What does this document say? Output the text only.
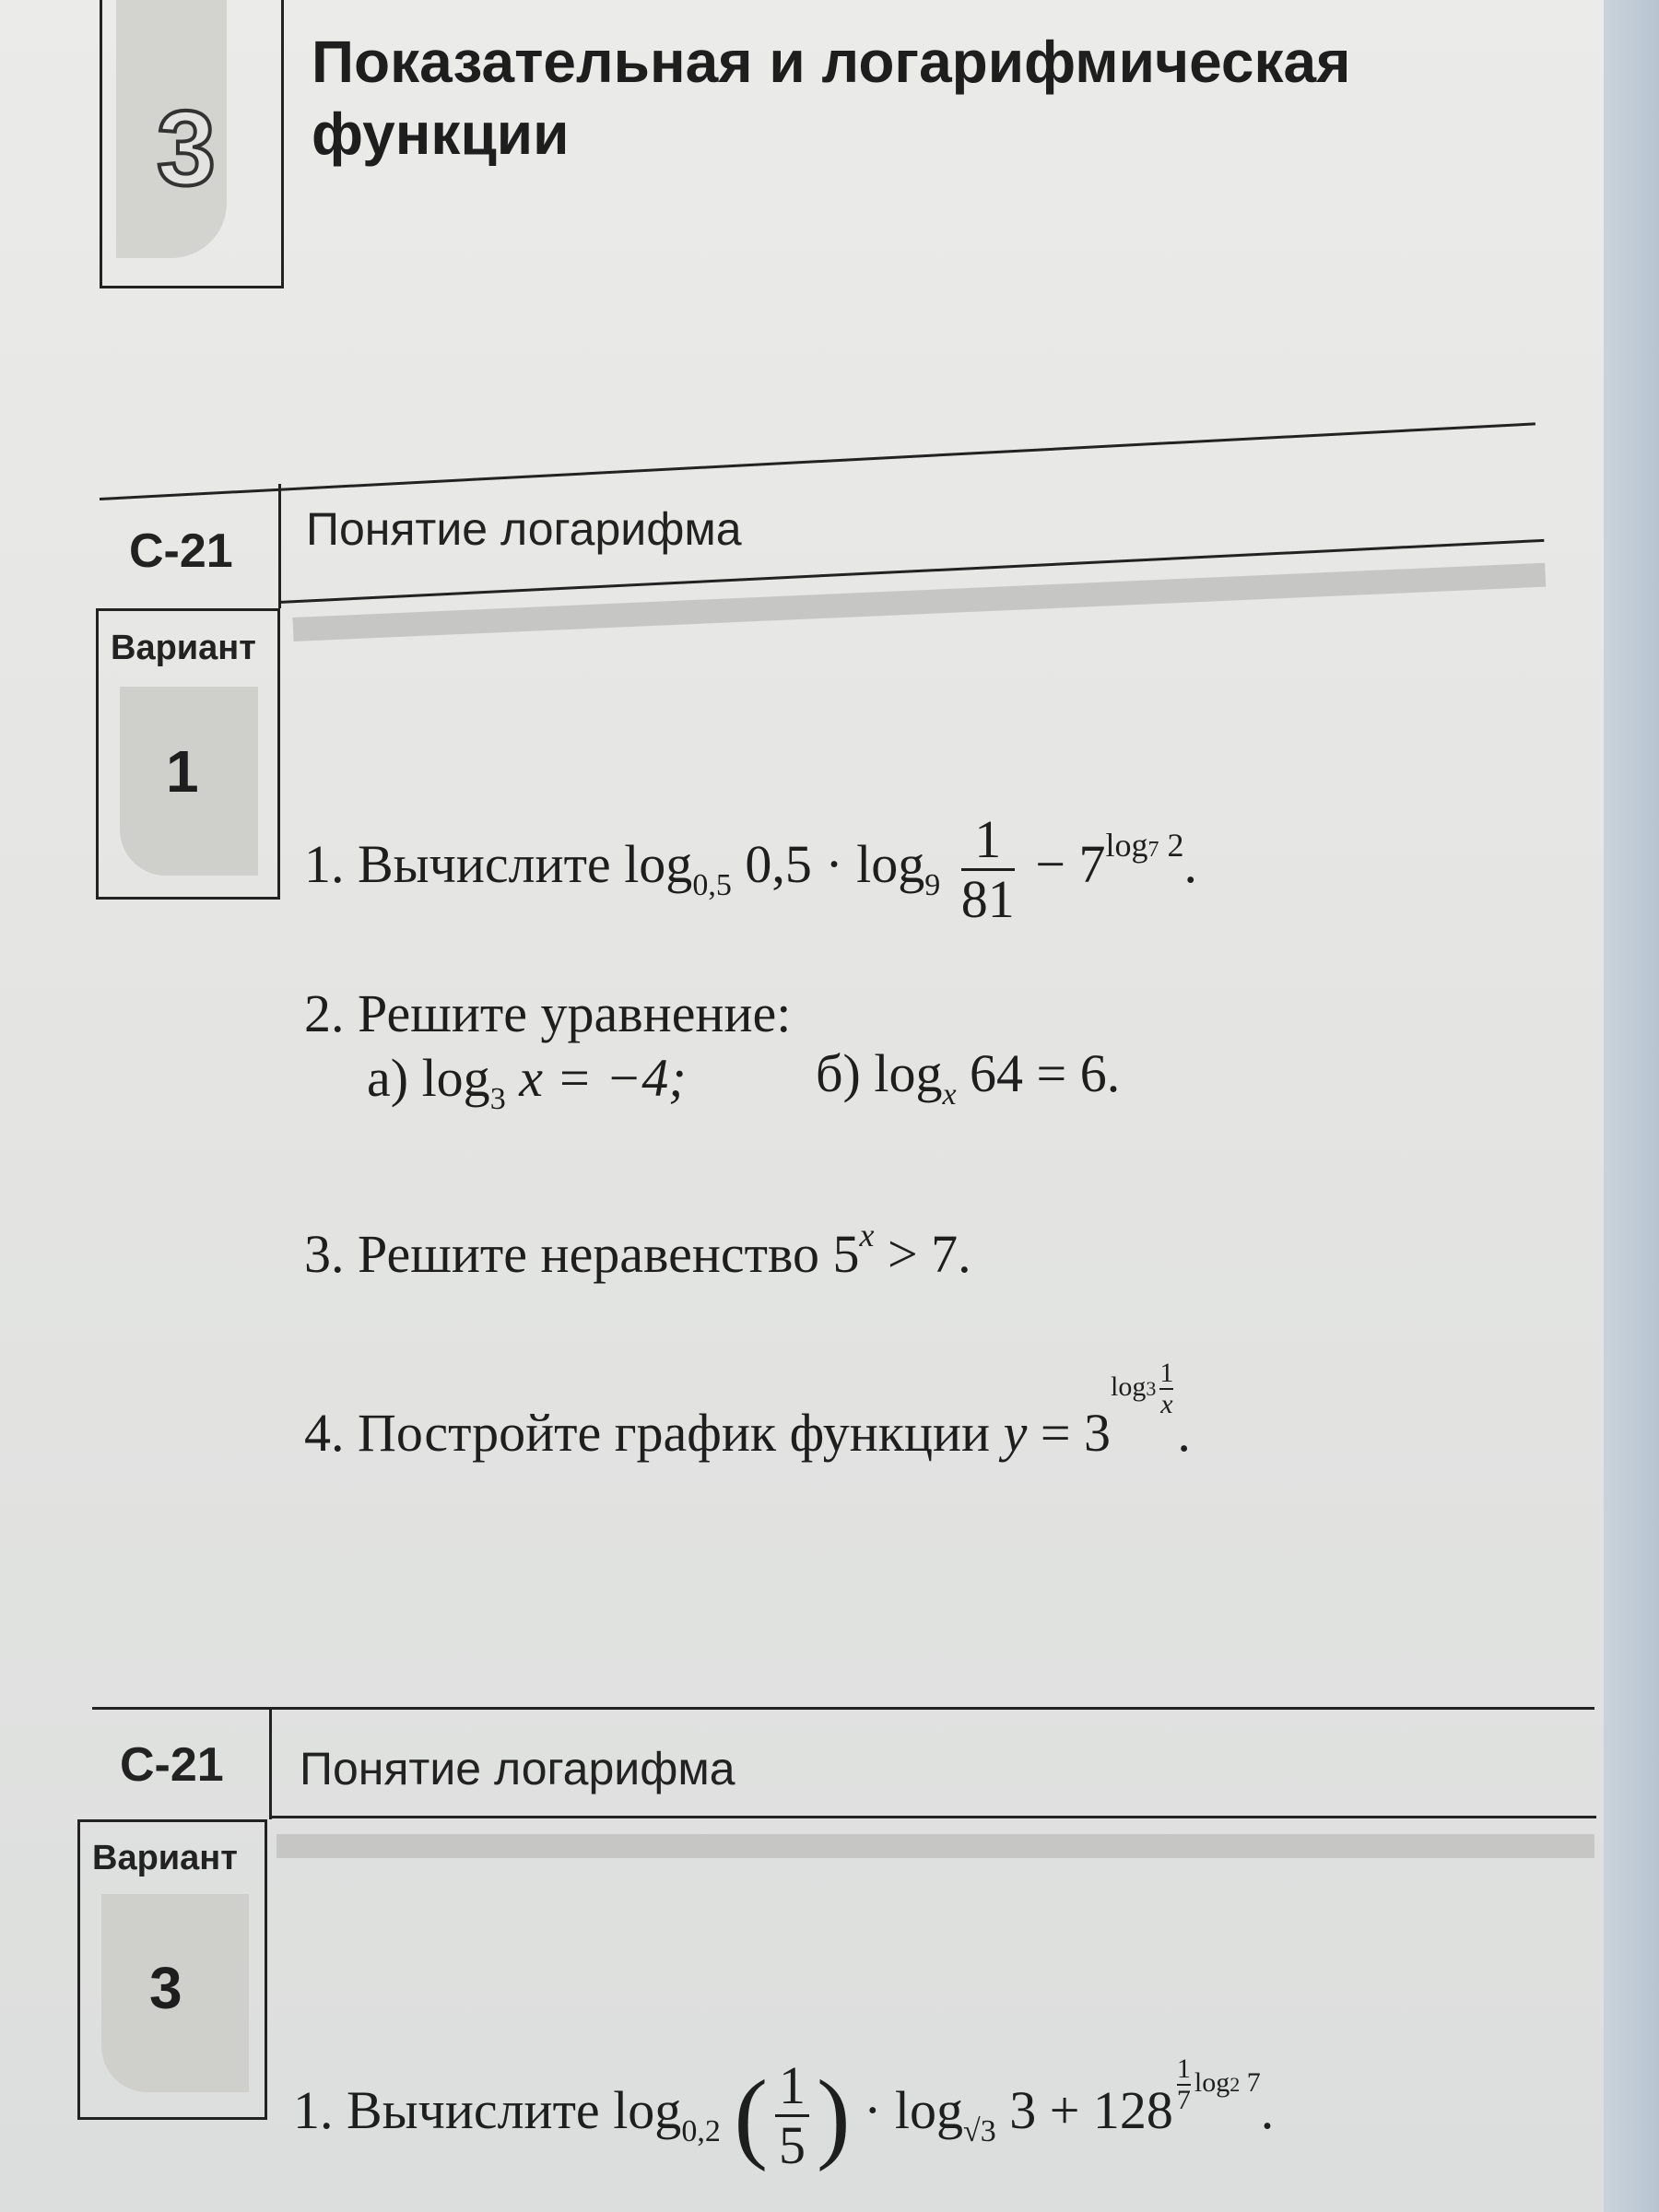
3
Показательная и логарифмическая
функции
С-21 Понятие логарифма
Вариант
1
1. Вычислите $\log_{0,5} 0,5 \cdot \log_9 \frac{1}{81} - 7^{log7 2}$.
2. Решите уравнение:
а) $\log_3 x = -4$; б) $\log_x 64 = 6$.
3. Решите неравенство $5^x > 7$.
4. Постройте график функции $y = 3\log 3 \frac{1}{x}$
.
С-21 Понятие логарифма
Вариант
3
1. Вычислите $\log_{0,2}$ ( $\frac{1}{5}$ ) · $\log_{√3} 3 + 128 \frac{1}{7} \log 2$ 7.
